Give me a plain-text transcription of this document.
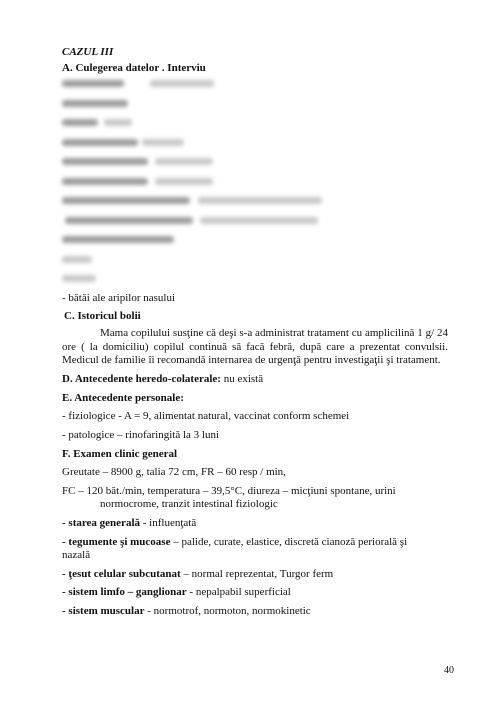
CAZUL III

A. Culegerea datelor . Interviu

- bătăi ale aripilor nasului

C. Istoricul bolii

Mama copilului susţine că deşi s-a administrat tratament cu amplicilină 1 g/ 24 ore ( la domiciliu) copilul continuă să facă febră, după care a prezentat convulsii. Medicul de familie îi recomandă internarea de urgenţă pentru investigaţii şi tratament.

D. Antecedente heredo-colaterale: nu există

E. Antecedente personale:

- fiziologice - A = 9, alimentat natural, vaccinat conform schemei

- patologice – rinofaringită la 3 luni

F. Examen clinic general

Greutate – 8900 g, talia 72 cm, FR – 60 resp / min,

FC – 120 băt./min, temperatura – 39,5°C, diureza – micţiuni spontane, urini

normocrome, tranzit intestinal fiziologic

- starea generală - influenţată

- tegumente şi mucoase – palide, curate, elastice, discretă cianoză periorală şi

nazală

- ţesut celular subcutanat – normal reprezentat, Turgor ferm

- sistem limfo – ganglionar - nepalpabil superficial

- sistem muscular - normotrof, normoton, normokinetic

40
